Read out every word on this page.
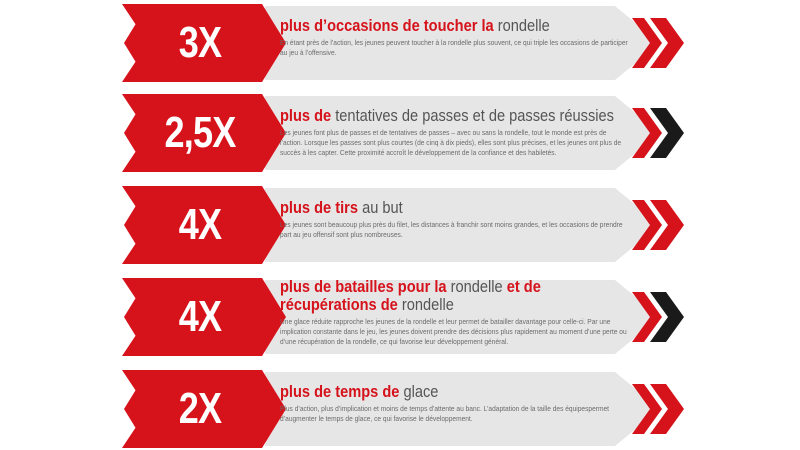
3X	plus d’occasions de toucher la rondelle
En étant près de l’action, les jeunes peuvent toucher à la rondelle plus souvent, ce qui triple les occasions de participer au jeu à l’offensive.
2,5X	plus de tentatives de passes et de passes réussies
Les jeunes font plus de passes et de tentatives de passes – avec ou sans la rondelle, tout le monde est près de l’action. Lorsque les passes sont plus courtes (de cinq à dix pieds), elles sont plus précises, et les jeunes ont plus de succès à les capter. Cette proximité accroît le développement de la confiance et des habiletés.
4X	plus de tirs au but
Les jeunes sont beaucoup plus près du filet, les distances à franchir sont moins grandes, et les occasions de prendre part au jeu offensif sont plus nombreuses.
4X
plus de batailles pour la rondelle et de
récupérations de rondelle
Une glace réduite rapproche les jeunes de la rondelle et leur permet de batailler davantage pour celle-ci. Par une implication constante dans le jeu, les jeunes doivent prendre des décisions plus rapidement au moment d’une perte ou d’une récupération de la rondelle, ce qui favorise leur développement général.
2X	plus de temps de glace
Plus d’action, plus d’implication et moins de temps d’attente au banc. L’adaptation de la taille des équipespermet d’augmenter le temps de glace, ce qui favorise le développement.
